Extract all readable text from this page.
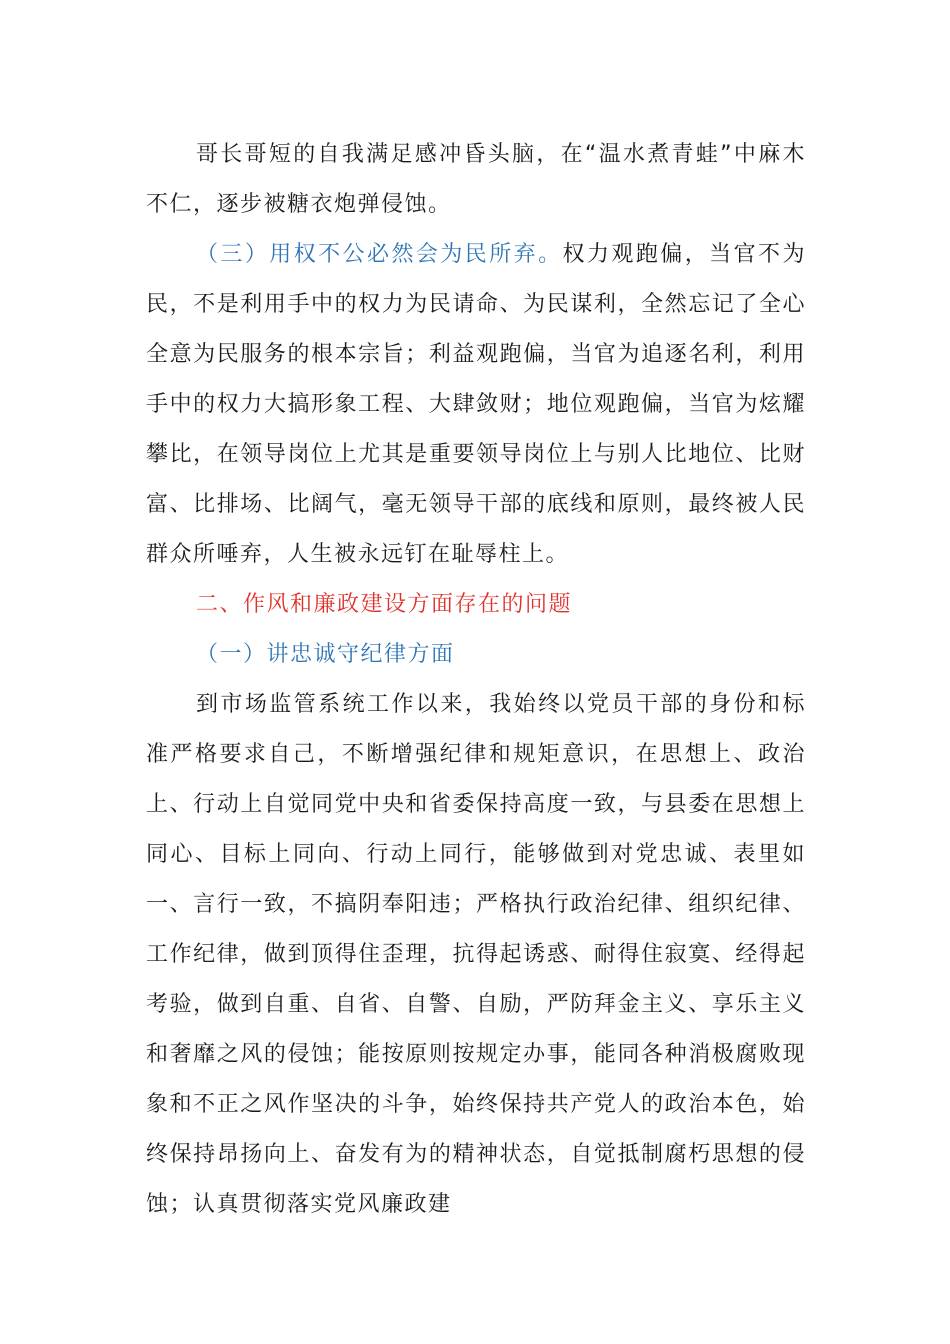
哥长哥短的自我满足感冲昏头脑，在“温水煮青蛙”中麻木不仁，逐步被糖衣炮弹侵蚀。

（三）用权不公必然会为民所弃。权力观跑偏，当官不为民，不是利用手中的权力为民请命、为民谋利，全然忘记了全心全意为民服务的根本宗旨；利益观跑偏，当官为追逐名利，利用手中的权力大搞形象工程、大肆敛财；地位观跑偏，当官为炫耀攀比，在领导岗位上尤其是重要领导岗位上与别人比地位、比财富、比排场、比阔气，毫无领导干部的底线和原则，最终被人民群众所唾弃，人生被永远钉在耻辱柱上。

二、作风和廉政建设方面存在的问题

（一）讲忠诚守纪律方面

到市场监管系统工作以来，我始终以党员干部的身份和标准严格要求自己，不断增强纪律和规矩意识，在思想上、政治上、行动上自觉同党中央和省委保持高度一致，与县委在思想上同心、目标上同向、行动上同行，能够做到对党忠诚、表里如一、言行一致，不搞阴奉阳违；严格执行政治纪律、组织纪律、工作纪律，做到顶得住歪理，抗得起诱惑、耐得住寂寞、经得起考验，做到自重、自省、自警、自励，严防拜金主义、享乐主义和奢靡之风的侵蚀；能按原则按规定办事，能同各种消极腐败现象和不正之风作坚决的斗争，始终保持共产党人的政治本色，始终保持昂扬向上、奋发有为的精神状态，自觉抵制腐朽思想的侵蚀；认真贯彻落实党风廉政建
